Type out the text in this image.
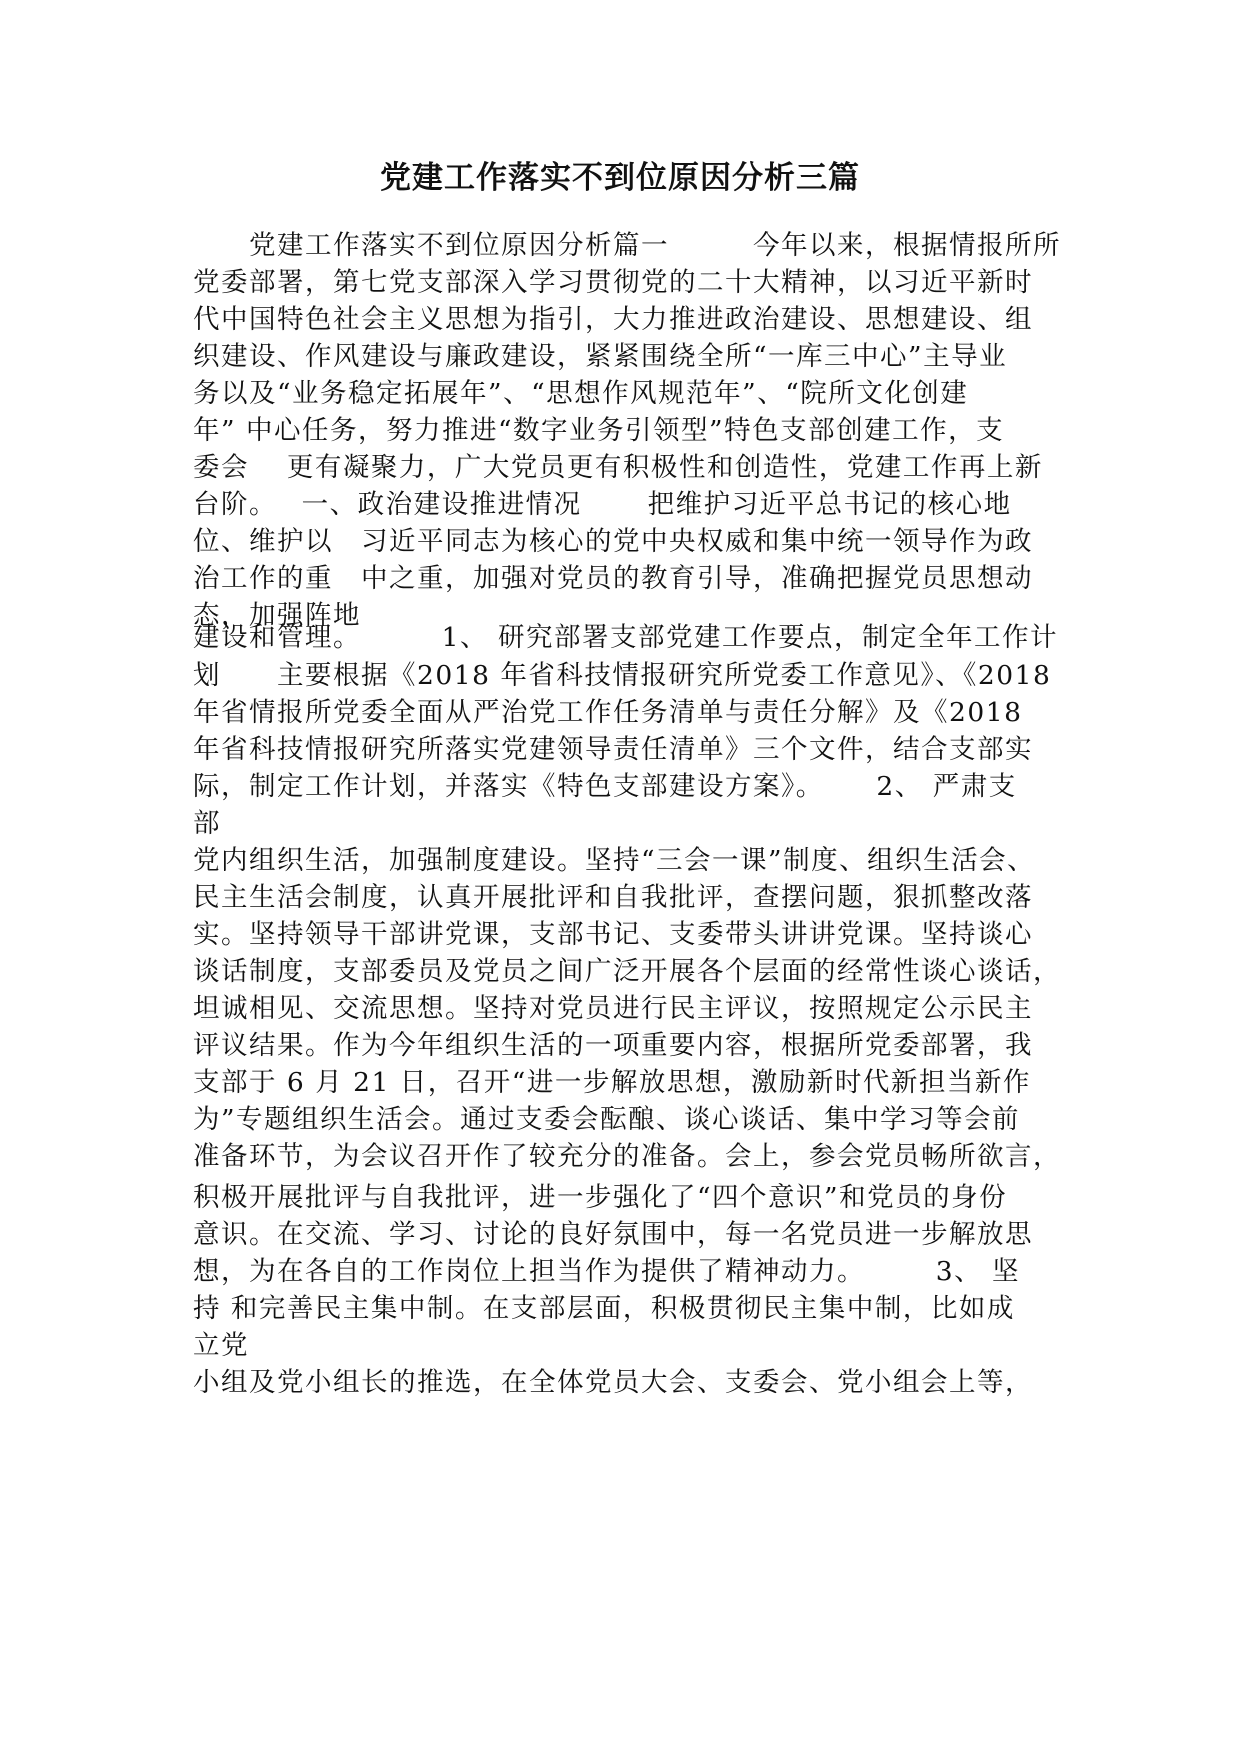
党建工作落实不到位原因分析三篇

　　党建工作落实不到位原因分析篇一　　　今年以来，根据情报所所

党委部署，第七党支部深入学习贯彻党的二十大精神，以习近平新时

代中国特色社会主义思想为指引，大力推进政治建设、思想建设、组

织建设、作风建设与廉政建设，紧紧围绕全所“一库三中心”主导业

务以及“业务稳定拓展年”、“思想作风规范年”、“院所文化创建

年” 中心任务，努力推进“数字业务引领型”特色支部创建工作，支

委会　 更有凝聚力，广大党员更有积极性和创造性，党建工作再上新

台阶。　 一、政治建设推进情况　　 把维护习近平总书记的核心地

位、维护以　习近平同志为核心的党中央权威和集中统一领导作为政

治工作的重　中之重，加强对党员的教育引导，准确把握党员思想动

态，加强阵地

建设和管理。　　　 1、 研究部署支部党建工作要点，制定全年工作计

划　　主要根据《2018 年省科技情报研究所党委工作意见》、《2018

年省情报所党委全面从严治党工作任务清单与责任分解》及《2018

年省科技情报研究所落实党建领导责任清单》三个文件，结合支部实

际，制定工作计划，并落实《特色支部建设方案》。　　 2、 严肃支

部

党内组织生活，加强制度建设。坚持“三会一课”制度、组织生活会、

民主生活会制度，认真开展批评和自我批评，查摆问题，狠抓整改落

实。坚持领导干部讲党课，支部书记、支委带头讲讲党课。坚持谈心

谈话制度，支部委员及党员之间广泛开展各个层面的经常性谈心谈话，

坦诚相见、交流思想。坚持对党员进行民主评议，按照规定公示民主

评议结果。作为今年组织生活的一项重要内容，根据所党委部署，我

支部于 6 月 21 日，召开“进一步解放思想，激励新时代新担当新作

为”专题组织生活会。通过支委会酝酿、谈心谈话、集中学习等会前

准备环节，为会议召开作了较充分的准备。会上，参会党员畅所欲言，

积极开展批评与自我批评，进一步强化了“四个意识”和党员的身份

意识。在交流、学习、讨论的良好氛围中，每一名党员进一步解放思

想，为在各自的工作岗位上担当作为提供了精神动力。　　　3、 坚

持 和完善民主集中制。在支部层面，积极贯彻民主集中制，比如成

立党

小组及党小组长的推选，在全体党员大会、支委会、党小组会上等，
